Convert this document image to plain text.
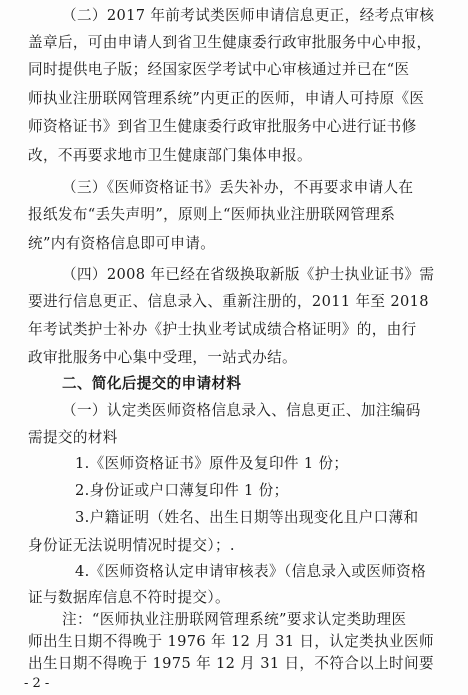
（二）2017 年前考试类医师申请信息更正，经考点审核
盖章后，可由申请人到省卫生健康委行政审批服务中心申报，
同时提供电子版；经国家医学考试中心审核通过并已在“医
师执业注册联网管理系统”内更正的医师，申请人可持原《医
师资格证书》到省卫生健康委行政审批服务中心进行证书修
改，不再要求地市卫生健康部门集体申报。
（三）《医师资格证书》丢失补办，不再要求申请人在
报纸发布“丢失声明”，原则上“医师执业注册联网管理系
统”内有资格信息即可申请。
（四）2008 年已经在省级换取新版《护士执业证书》需
要进行信息更正、信息录入、重新注册的，2011 年至 2018
年考试类护士补办《护士执业考试成绩合格证明》的，由行
政审批服务中心集中受理，一站式办结。
二、简化后提交的申请材料
（一）认定类医师资格信息录入、信息更正、加注编码
需提交的材料
1.《医师资格证书》原件及复印件 1 份；
2.身份证或户口薄复印件 1 份；
3.户籍证明（姓名、出生日期等出现变化且户口薄和
身份证无法说明情况时提交）；.
4.《医师资格认定申请审核表》（信息录入或医师资格
证与数据库信息不符时提交）。
注：“医师执业注册联网管理系统”要求认定类助理医
师出生日期不得晚于 1976 年 12 月 31 日，认定类执业医师
出生日期不得晚于 1975 年 12 月 31 日，不符合以上时间要
- 2 -
